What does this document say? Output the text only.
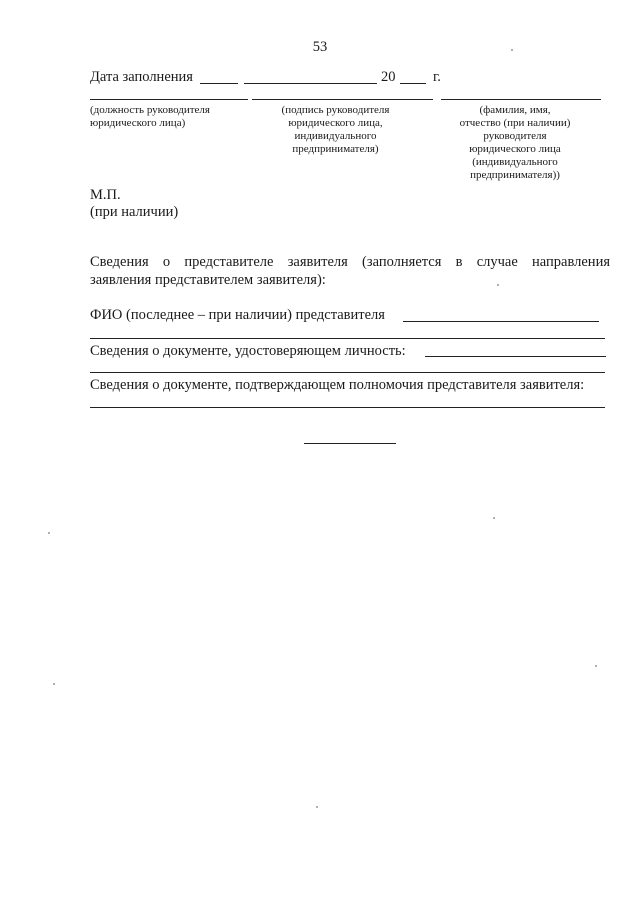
53
Дата заполнения	20	г.
(должность руководителя
юридического лица)
(подпись руководителя
юридического лица,
индивидуального
предпринимателя)
(фамилия, имя,
отчество (при наличии)
руководителя
юридического лица
(индивидуального
предпринимателя))
М.П.
(при наличии)
Сведения о представителе заявителя (заполняется в случае направления
заявления представителем заявителя):
ФИО (последнее – при наличии) представителя
Сведения о документе, удостоверяющем личность:
Сведения о документе, подтверждающем полномочия представителя заявителя:
